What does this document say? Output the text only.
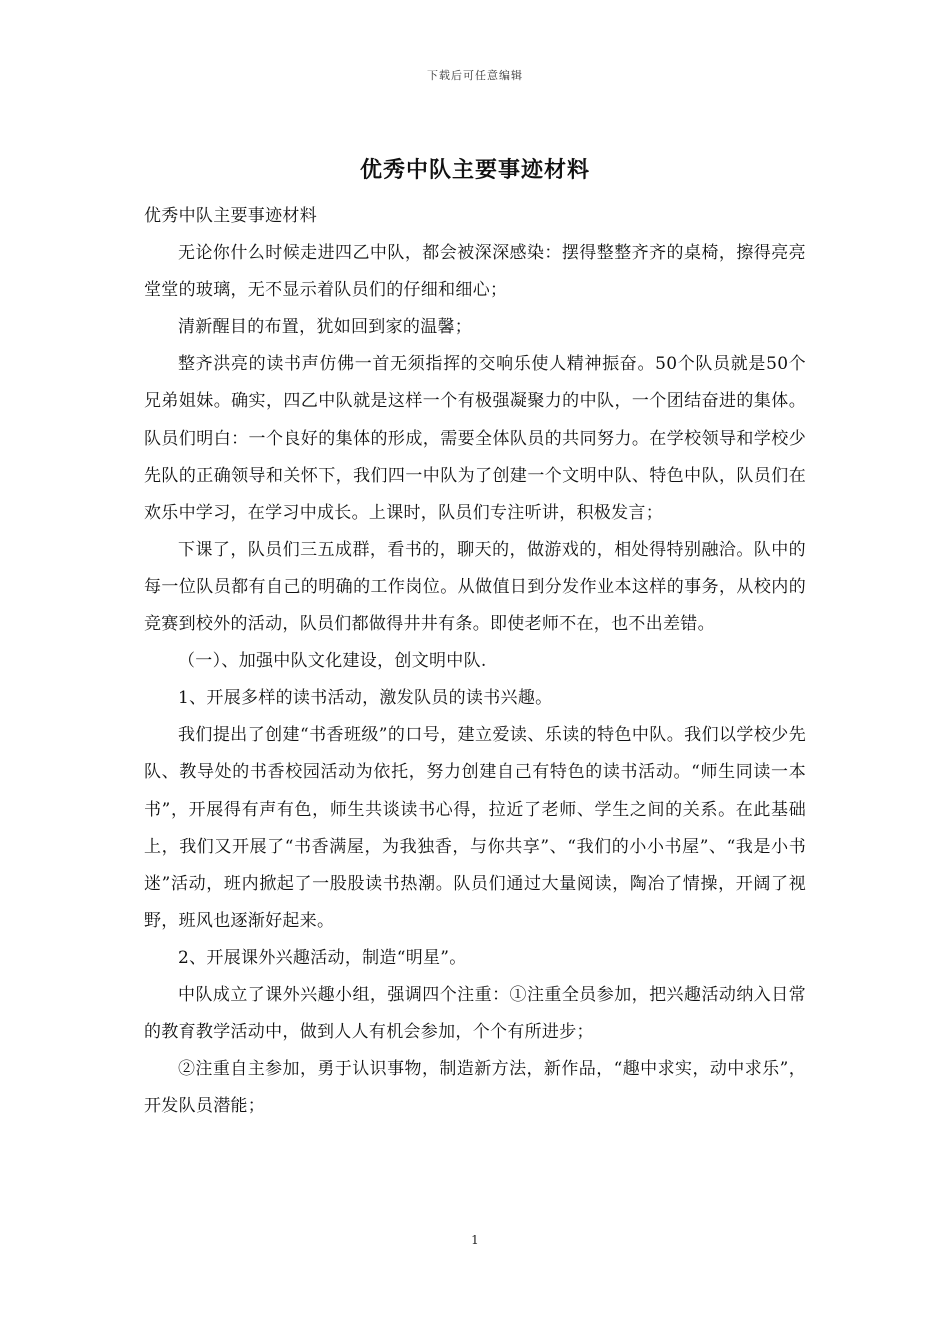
下载后可任意编辑
优秀中队主要事迹材料

优秀中队主要事迹材料

无论你什么时候走进四乙中队，都会被深深感染：摆得整整齐齐的桌椅，擦得亮亮堂堂的玻璃，无不显示着队员们的仔细和细心；

清新醒目的布置，犹如回到家的温馨；

整齐洪亮的读书声仿佛一首无须指挥的交响乐使人精神振奋。50个队员就是50个兄弟姐妹。确实，四乙中队就是这样一个有极强凝聚力的中队，一个团结奋进的集体。队员们明白：一个良好的集体的形成，需要全体队员的共同努力。在学校领导和学校少先队的正确领导和关怀下，我们四一中队为了创建一个文明中队、特色中队，队员们在欢乐中学习，在学习中成长。上课时，队员们专注听讲，积极发言；

下课了，队员们三五成群，看书的，聊天的，做游戏的，相处得特别融洽。队中的每一位队员都有自己的明确的工作岗位。从做值日到分发作业本这样的事务，从校内的竞赛到校外的活动，队员们都做得井井有条。即使老师不在，也不出差错。

（一）、加强中队文化建设，创文明中队.

1、开展多样的读书活动，激发队员的读书兴趣。

我们提出了创建“书香班级”的口号，建立爱读、乐读的特色中队。我们以学校少先队、教导处的书香校园活动为依托，努力创建自己有特色的读书活动。“师生同读一本书”，开展得有声有色，师生共谈读书心得，拉近了老师、学生之间的关系。在此基础上，我们又开展了“书香满屋，为我独香，与你共享”、“我们的小小书屋”、“我是小书迷”活动，班内掀起了一股股读书热潮。队员们通过大量阅读，陶冶了情操，开阔了视野，班风也逐渐好起来。

2、开展课外兴趣活动，制造“明星”。

中队成立了课外兴趣小组，强调四个注重：①注重全员参加，把兴趣活动纳入日常的教育教学活动中，做到人人有机会参加，个个有所进步；

②注重自主参加，勇于认识事物，制造新方法，新作品，“趣中求实，动中求乐”，开发队员潜能；

1
